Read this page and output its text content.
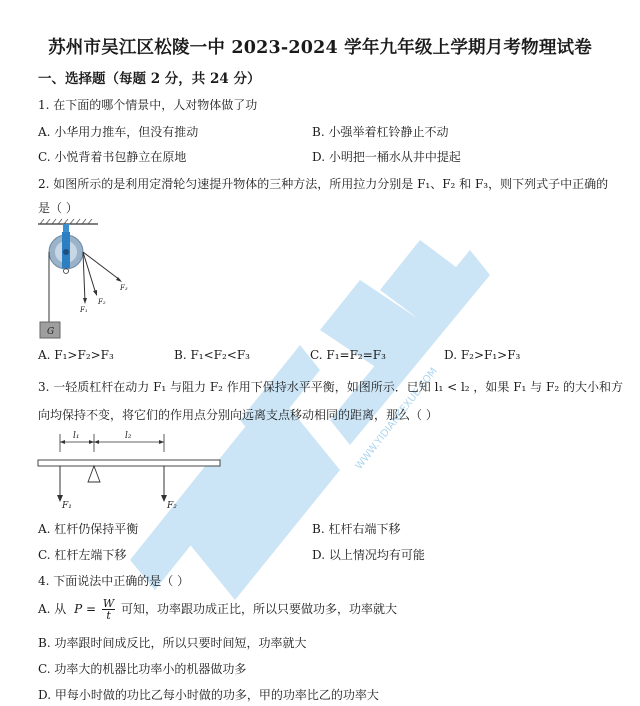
WWW.YIDIANKEXUE.COM
苏州市吴江区松陵一中 2023-2024 学年九年级上学期月考物理试卷
一、选择题（每题 2 分，共 24 分）
1. 在下面的哪个情景中，人对物体做了功
A. 小华用力推车，但没有推动	B. 小强举着杠铃静止不动
C. 小悦背着书包静立在原地	D. 小明把一桶水从井中提起
2. 如图所示的是利用定滑轮匀速提升物体的三种方法，所用拉力分别是 F₁、F₂ 和 F₃，则下列式子中正确的
是（ ）
G
F₁
F₂
F₃
A. F₁>F₂>F₃	B. F₁<F₂<F₃	C. F₁=F₂=F₃	D. F₂>F₁>F₃
3. 一轻质杠杆在动力 F₁ 与阻力 F₂ 作用下保持水平平衡，如图所示．已知 l₁ < l₂ ，如果 F₁ 与 F₂ 的大小和方
向均保持不变，将它们的作用点分别向远离支点移动相同的距离，那么（ ）
l₁	l₂
F₁	F₂
A. 杠杆仍保持平衡	B. 杠杆右端下移
C. 杠杆左端下移	D. 以上情况均有可能
4. 下面说法中正确的是（ ）
A. 从 $P = \frac{W}{t}$ 可知，功率跟功成正比，所以只要做功多，功率就大
B. 功率跟时间成反比，所以只要时间短，功率就大
C. 功率大的机器比功率小的机器做功多
D. 甲每小时做的功比乙每小时做的功多，甲的功率比乙的功率大
